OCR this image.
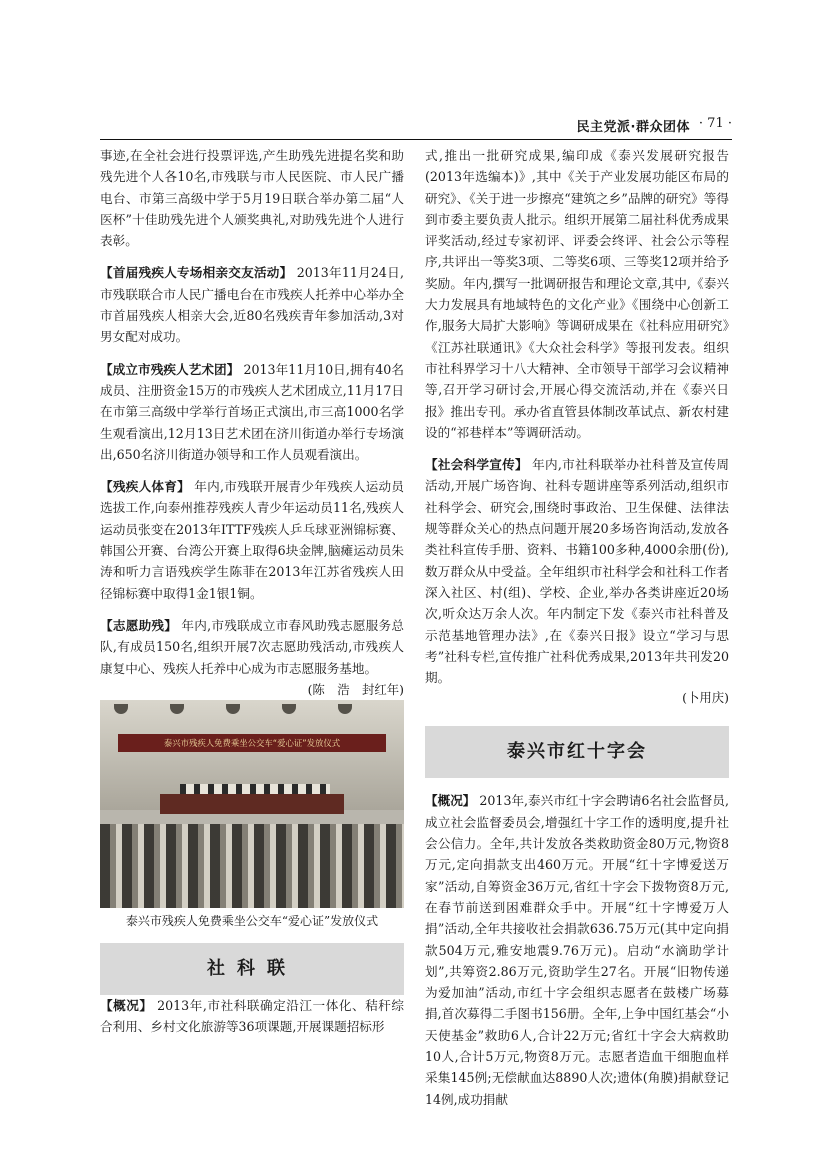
民主党派·群众团体 · 71 ·

事迹,在全社会进行投票评选,产生助残先进提名奖和助残先进个人各10名,市残联与市人民医院、市人民广播电台、市第三高级中学于5月19日联合举办第二届“人医杯”十佳助残先进个人颁奖典礼,对助残先进个人进行表彰。

【首届残疾人专场相亲交友活动】 2013年11月24日,市残联联合市人民广播电台在市残疾人托养中心举办全市首届残疾人相亲大会,近80名残疾青年参加活动,3对男女配对成功。

【成立市残疾人艺术团】 2013年11月10日,拥有40名成员、注册资金15万的市残疾人艺术团成立,11月17日在市第三高级中学举行首场正式演出,市三高1000名学生观看演出,12月13日艺术团在济川街道办举行专场演出,650名济川街道办领导和工作人员观看演出。

【残疾人体育】 年内,市残联开展青少年残疾人运动员选拔工作,向泰州推荐残疾人青少年运动员11名,残疾人运动员张变在2013年ITTF残疾人乒乓球亚洲锦标赛、韩国公开赛、台湾公开赛上取得6块金牌,脑瘫运动员朱涛和听力言语残疾学生陈菲在2013年江苏省残疾人田径锦标赛中取得1金1银1铜。

【志愿助残】 年内,市残联成立市春风助残志愿服务总队,有成员150名,组织开展7次志愿助残活动,市残疾人康复中心、残疾人托养中心成为市志愿服务基地。
(陈　浩　封红年)

泰兴市残疾人免费乘坐公交车“爱心证”发放仪式
泰兴市残疾人免费乘坐公交车“爱心证”发放仪式
社科联

【概况】 2013年,市社科联确定沿江一体化、秸秆综合利用、乡村文化旅游等36项课题,开展课题招标形

式,推出一批研究成果,编印成《泰兴发展研究报告(2013年选编本)》,其中《关于产业发展功能区布局的研究》、《关于进一步擦亮“建筑之乡”品牌的研究》等得到市委主要负责人批示。组织开展第二届社科优秀成果评奖活动,经过专家初评、评委会终评、社会公示等程序,共评出一等奖3项、二等奖6项、三等奖12项并给予奖励。年内,撰写一批调研报告和理论文章,其中,《泰兴大力发展具有地域特色的文化产业》《围绕中心创新工作,服务大局扩大影响》等调研成果在《社科应用研究》《江苏社联通讯》《大众社会科学》等报刊发表。组织市社科界学习十八大精神、全市领导干部学习会议精神等,召开学习研讨会,开展心得交流活动,并在《泰兴日报》推出专刊。承办省直管县体制改革试点、新农村建设的“祁巷样本”等调研活动。

【社会科学宣传】 年内,市社科联举办社科普及宣传周活动,开展广场咨询、社科专题讲座等系列活动,组织市社科学会、研究会,围绕时事政治、卫生保健、法律法规等群众关心的热点问题开展20多场咨询活动,发放各类社科宣传手册、资料、书籍100多种,4000余册(份),数万群众从中受益。全年组织市社科学会和社科工作者深入社区、村(组)、学校、企业,举办各类讲座近20场次,听众达万余人次。年内制定下发《泰兴市社科普及示范基地管理办法》,在《泰兴日报》设立“学习与思考”社科专栏,宣传推广社科优秀成果,2013年共刊发20期。

(卜用庆)
泰兴市红十字会

【概况】 2013年,泰兴市红十字会聘请6名社会监督员,成立社会监督委员会,增强红十字工作的透明度,提升社会公信力。全年,共计发放各类救助资金80万元,物资8万元,定向捐款支出460万元。开展“红十字博爱送万家”活动,自筹资金36万元,省红十字会下拨物资8万元,在春节前送到困难群众手中。开展“红十字博爱万人捐”活动,全年共接收社会捐款636.75万元(其中定向捐款504万元,雅安地震9.76万元)。启动“水滴助学计划”,共筹资2.86万元,资助学生27名。开展“旧物传递　为爱加油”活动,市红十字会组织志愿者在鼓楼广场募捐,首次募得二手图书156册。全年,上争中国红基会“小天使基金”救助6人,合计22万元;省红十字会大病救助10人,合计5万元,物资8万元。志愿者造血干细胞血样采集145例;无偿献血达8890人次;遗体(角膜)捐献登记14例,成功捐献
